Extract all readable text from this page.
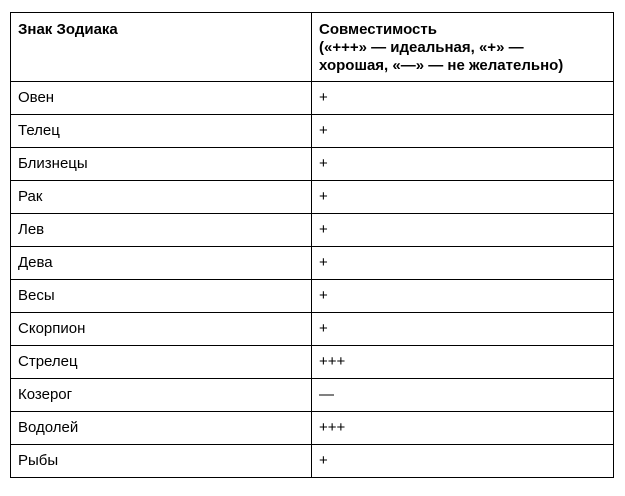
Знак Зодиака	Совместимость
(«+++» — идеальная, «+» —
хорошая, «—» — не желательно)

Овен	+
Телец	+
Близнецы	+
Рак	+
Лев	+
Дева	+
Весы	+
Скорпион	+
Стрелец	+++
Козерог	—
Водолей	+++
Рыбы	+
